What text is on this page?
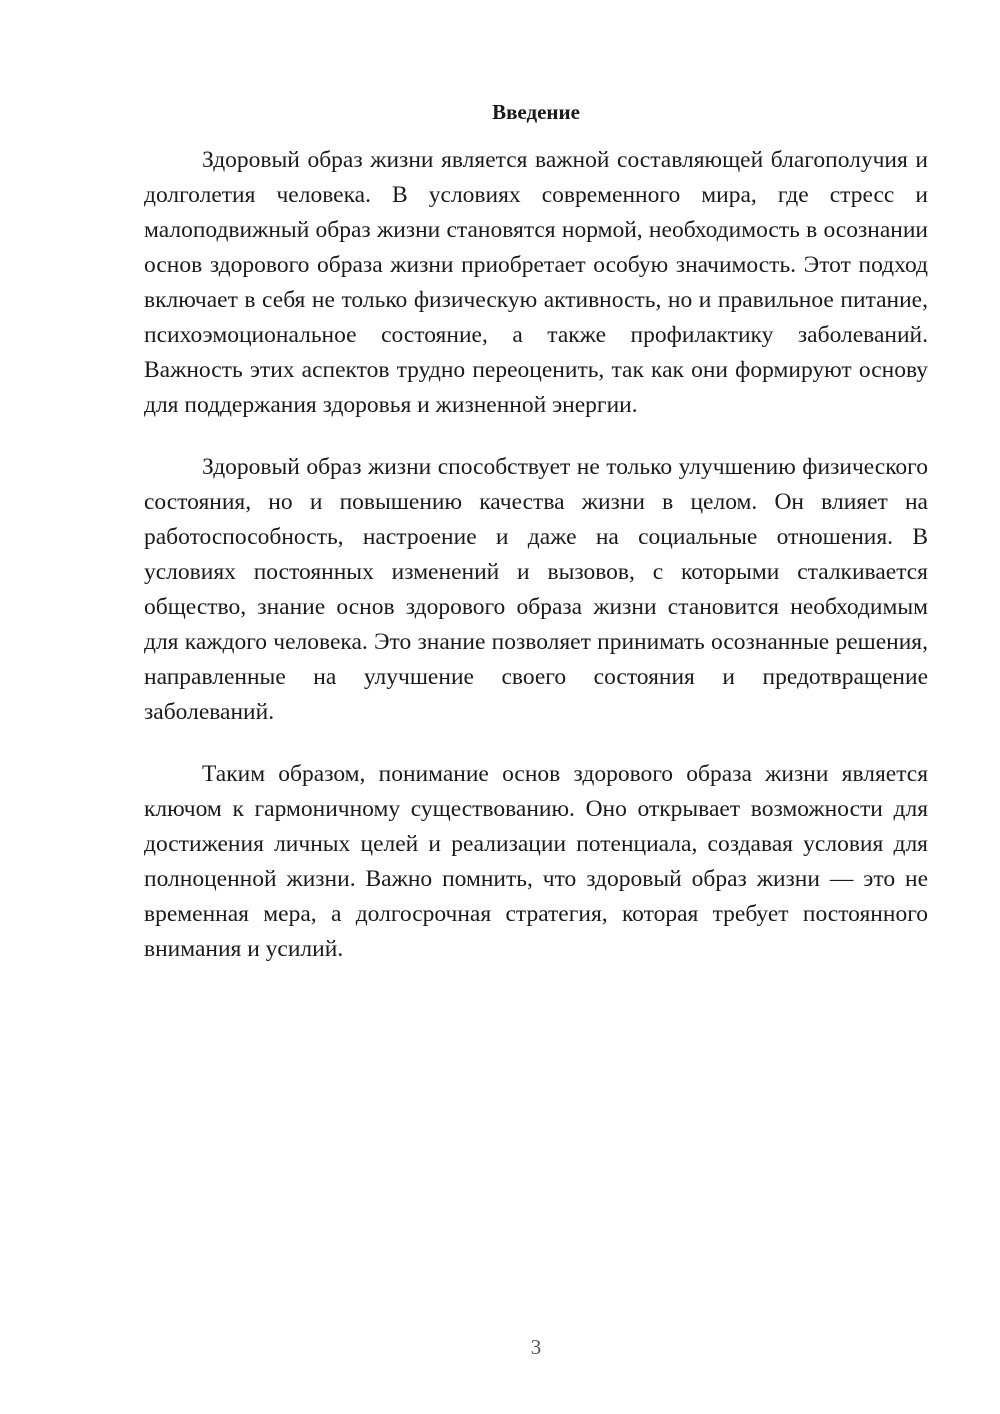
Введение

Здоровый образ жизни является важной составляющей благополучия и долголетия человека. В условиях современного мира, где стресс и малоподвижный образ жизни становятся нормой, необходимость в осознании основ здорового образа жизни приобретает особую значимость. Этот подход включает в себя не только физическую активность, но и правильное питание, психоэмоциональное состояние, а также профилактику заболеваний. Важность этих аспектов трудно переоценить, так как они формируют основу для поддержания здоровья и жизненной энергии.

Здоровый образ жизни способствует не только улучшению физического состояния, но и повышению качества жизни в целом. Он влияет на работоспособность, настроение и даже на социальные отношения. В условиях постоянных изменений и вызовов, с которыми сталкивается общество, знание основ здорового образа жизни становится необходимым для каждого человека. Это знание позволяет принимать осознанные решения, направленные на улучшение своего состояния и предотвращение заболеваний.

Таким образом, понимание основ здорового образа жизни является ключом к гармоничному существованию. Оно открывает возможности для достижения личных целей и реализации потенциала, создавая условия для полноценной жизни. Важно помнить, что здоровый образ жизни — это не временная мера, а долгосрочная стратегия, которая требует постоянного внимания и усилий.

3
